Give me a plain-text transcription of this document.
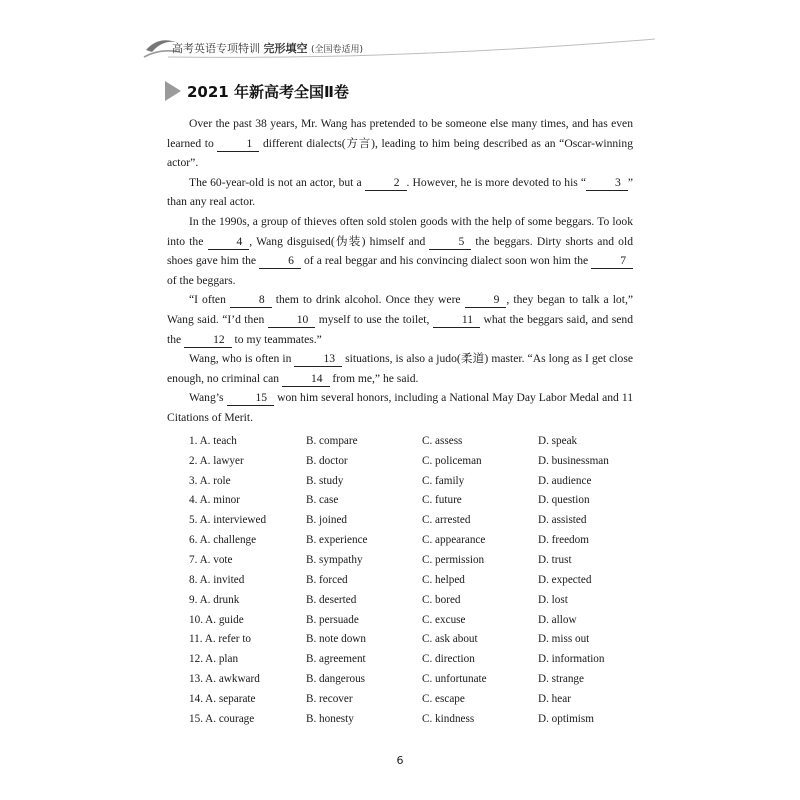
高考英语专项特训 完形填空 (全国卷适用)
2021 年新高考全国Ⅱ卷

Over the past 38 years, Mr. Wang has pretended to be someone else many times, and has even learned to	1 different dialects(方言), leading to him being described as an “Oscar-winning actor”.

The 60-year-old is not an actor, but a	2 . However, he is more devoted to his “	3 ” than any real actor.

In the 1990s, a group of thieves often sold stolen goods with the help of some beggars. To look into the	4 , Wang disguised(伪装) himself and	5 the beggars. Dirty shorts and old shoes gave him the	6 of a real beggar and his convincing dialect soon won him the	7 of the beggars.

“I often	8 them to drink alcohol. Once they were	9 , they began to talk a lot,” Wang said. “I’d then	10 myself to use the toilet,	11 what the beggars said, and send the	12 to my teammates.”

Wang, who is often in	13 situations, is also a judo(柔道) master. “As long as I get close enough, no criminal can	14 from me,” he said.

Wang’s	15 won him several honors, including a National May Day Labor Medal and 11 Citations of Merit.

1. A. teach	B. compare	C. assess	D. speak
2. A. lawyer	B. doctor	C. policeman	D. businessman
3. A. role	B. study	C. family	D. audience
4. A. minor	B. case	C. future	D. question
5. A. interviewed	B. joined	C. arrested	D. assisted
6. A. challenge	B. experience	C. appearance	D. freedom
7. A. vote	B. sympathy	C. permission	D. trust
8. A. invited	B. forced	C. helped	D. expected
9. A. drunk	B. deserted	C. bored	D. lost
10. A. guide	B. persuade	C. excuse	D. allow
11. A. refer to	B. note down	C. ask about	D. miss out
12. A. plan	B. agreement	C. direction	D. information
13. A. awkward	B. dangerous	C. unfortunate	D. strange
14. A. separate	B. recover	C. escape	D. hear
15. A. courage	B. honesty	C. kindness	D. optimism
6
